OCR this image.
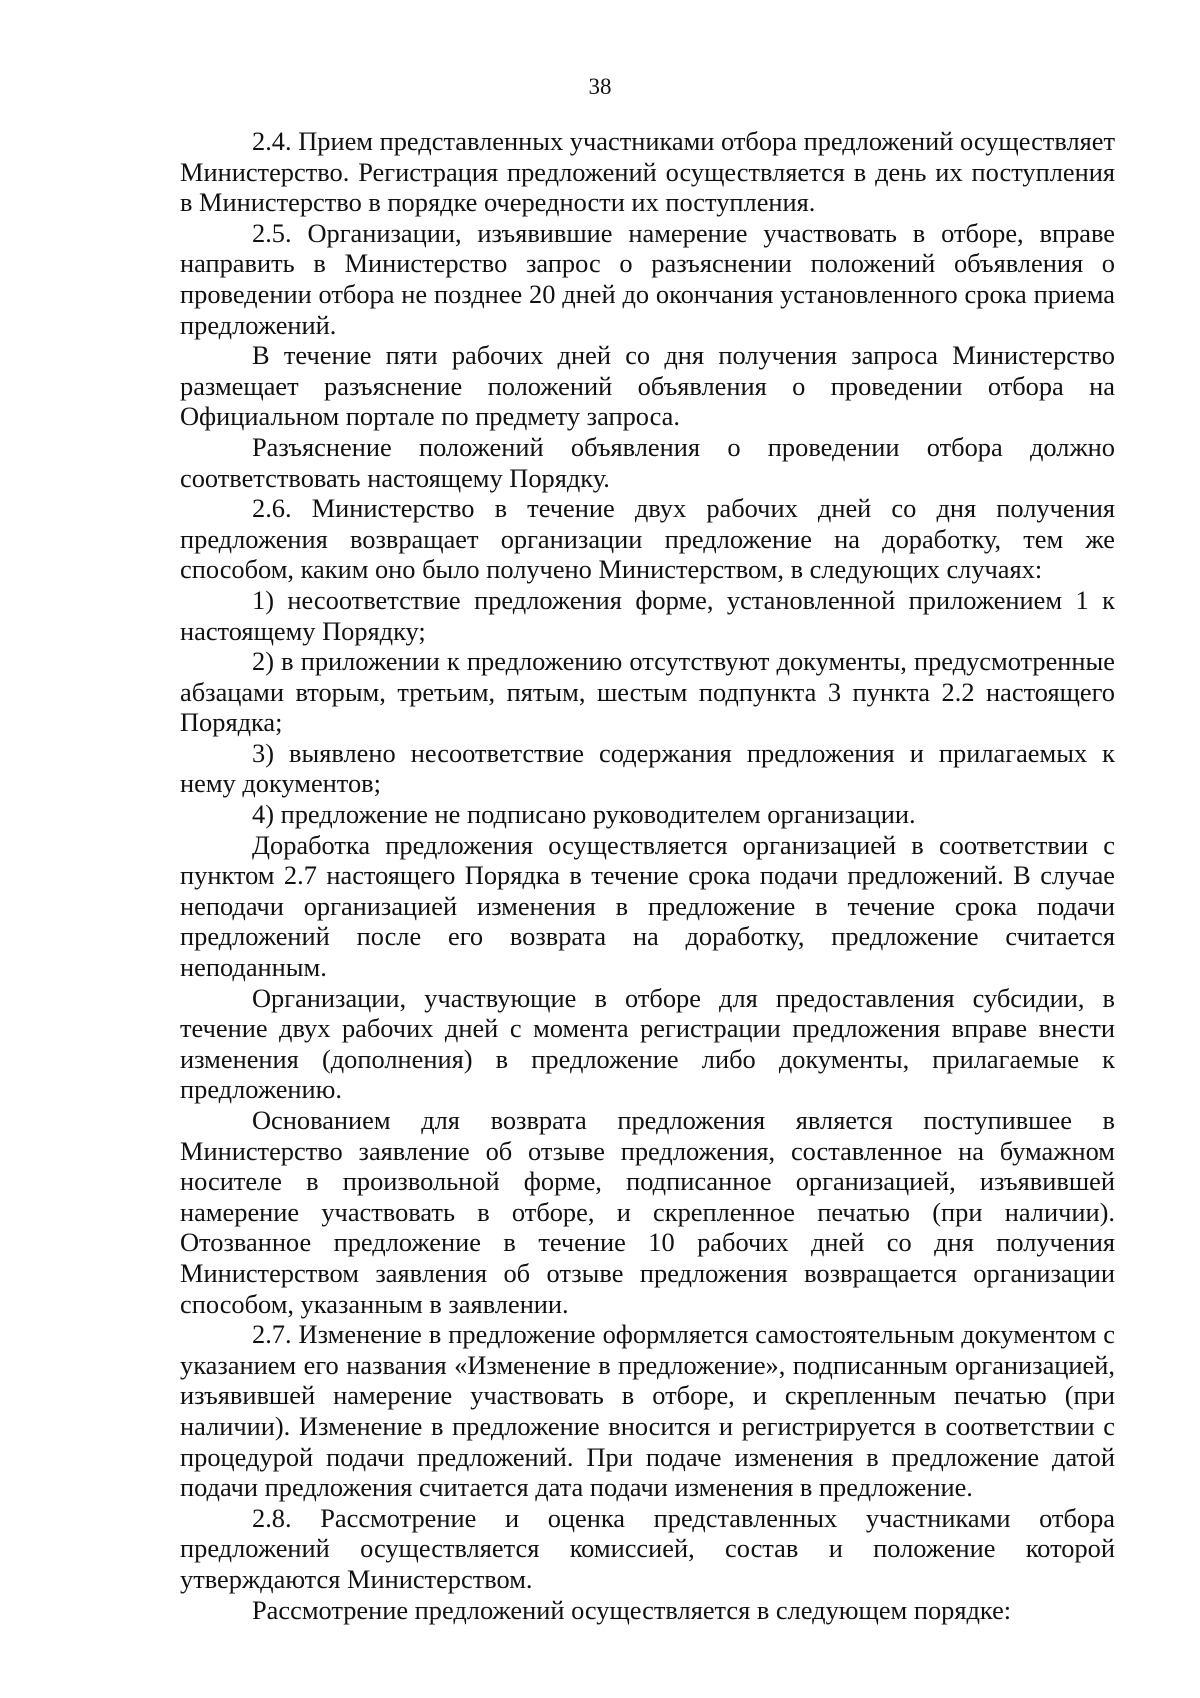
38

2.4. Прием представленных участниками отбора предложений осуществляет Министерство. Регистрация предложений осуществляется в день их поступления в Министерство в порядке очередности их поступления.

2.5. Организации, изъявившие намерение участвовать в отборе, вправе направить в Министерство запрос о разъяснении положений объявления о проведении отбора не позднее 20 дней до окончания установленного срока приема предложений.

В течение пяти рабочих дней со дня получения запроса Министерство размещает разъяснение положений объявления о проведении отбора на Официальном портале по предмету запроса.

Разъяснение положений объявления о проведении отбора должно соответствовать настоящему Порядку.

2.6. Министерство в течение двух рабочих дней со дня получения предложения возвращает организации предложение на доработку, тем же способом, каким оно было получено Министерством, в следующих случаях:

1) несоответствие предложения форме, установленной приложением 1 к настоящему Порядку;

2) в приложении к предложению отсутствуют документы, предусмотренные абзацами вторым, третьим, пятым, шестым подпункта 3 пункта 2.2 настоящего Порядка;

3) выявлено несоответствие содержания предложения и прилагаемых к нему документов;

4) предложение не подписано руководителем организации.

Доработка предложения осуществляется организацией в соответствии с пунктом 2.7 настоящего Порядка в течение срока подачи предложений. В случае неподачи организацией изменения в предложение в течение срока подачи предложений после его возврата на доработку, предложение считается неподанным.

Организации, участвующие в отборе для предоставления субсидии, в течение двух рабочих дней с момента регистрации предложения вправе внести изменения (дополнения) в предложение либо документы, прилагаемые к предложению.

Основанием для возврата предложения является поступившее в Министерство заявление об отзыве предложения, составленное на бумажном носителе в произвольной форме, подписанное организацией, изъявившей намерение участвовать в отборе, и скрепленное печатью (при наличии). Отозванное предложение в течение 10 рабочих дней со дня получения Министерством заявления об отзыве предложения возвращается организации способом, указанным в заявлении.

2.7. Изменение в предложение оформляется самостоятельным документом с указанием его названия «Изменение в предложение», подписанным организацией, изъявившей намерение участвовать в отборе, и скрепленным печатью (при наличии). Изменение в предложение вносится и регистрируется в соответствии с процедурой подачи предложений. При подаче изменения в предложение датой подачи предложения считается дата подачи изменения в предложение.

2.8. Рассмотрение и оценка представленных участниками отбора предложений осуществляется комиссией, состав и положение которой утверждаются Министерством.

Рассмотрение предложений осуществляется в следующем порядке:
